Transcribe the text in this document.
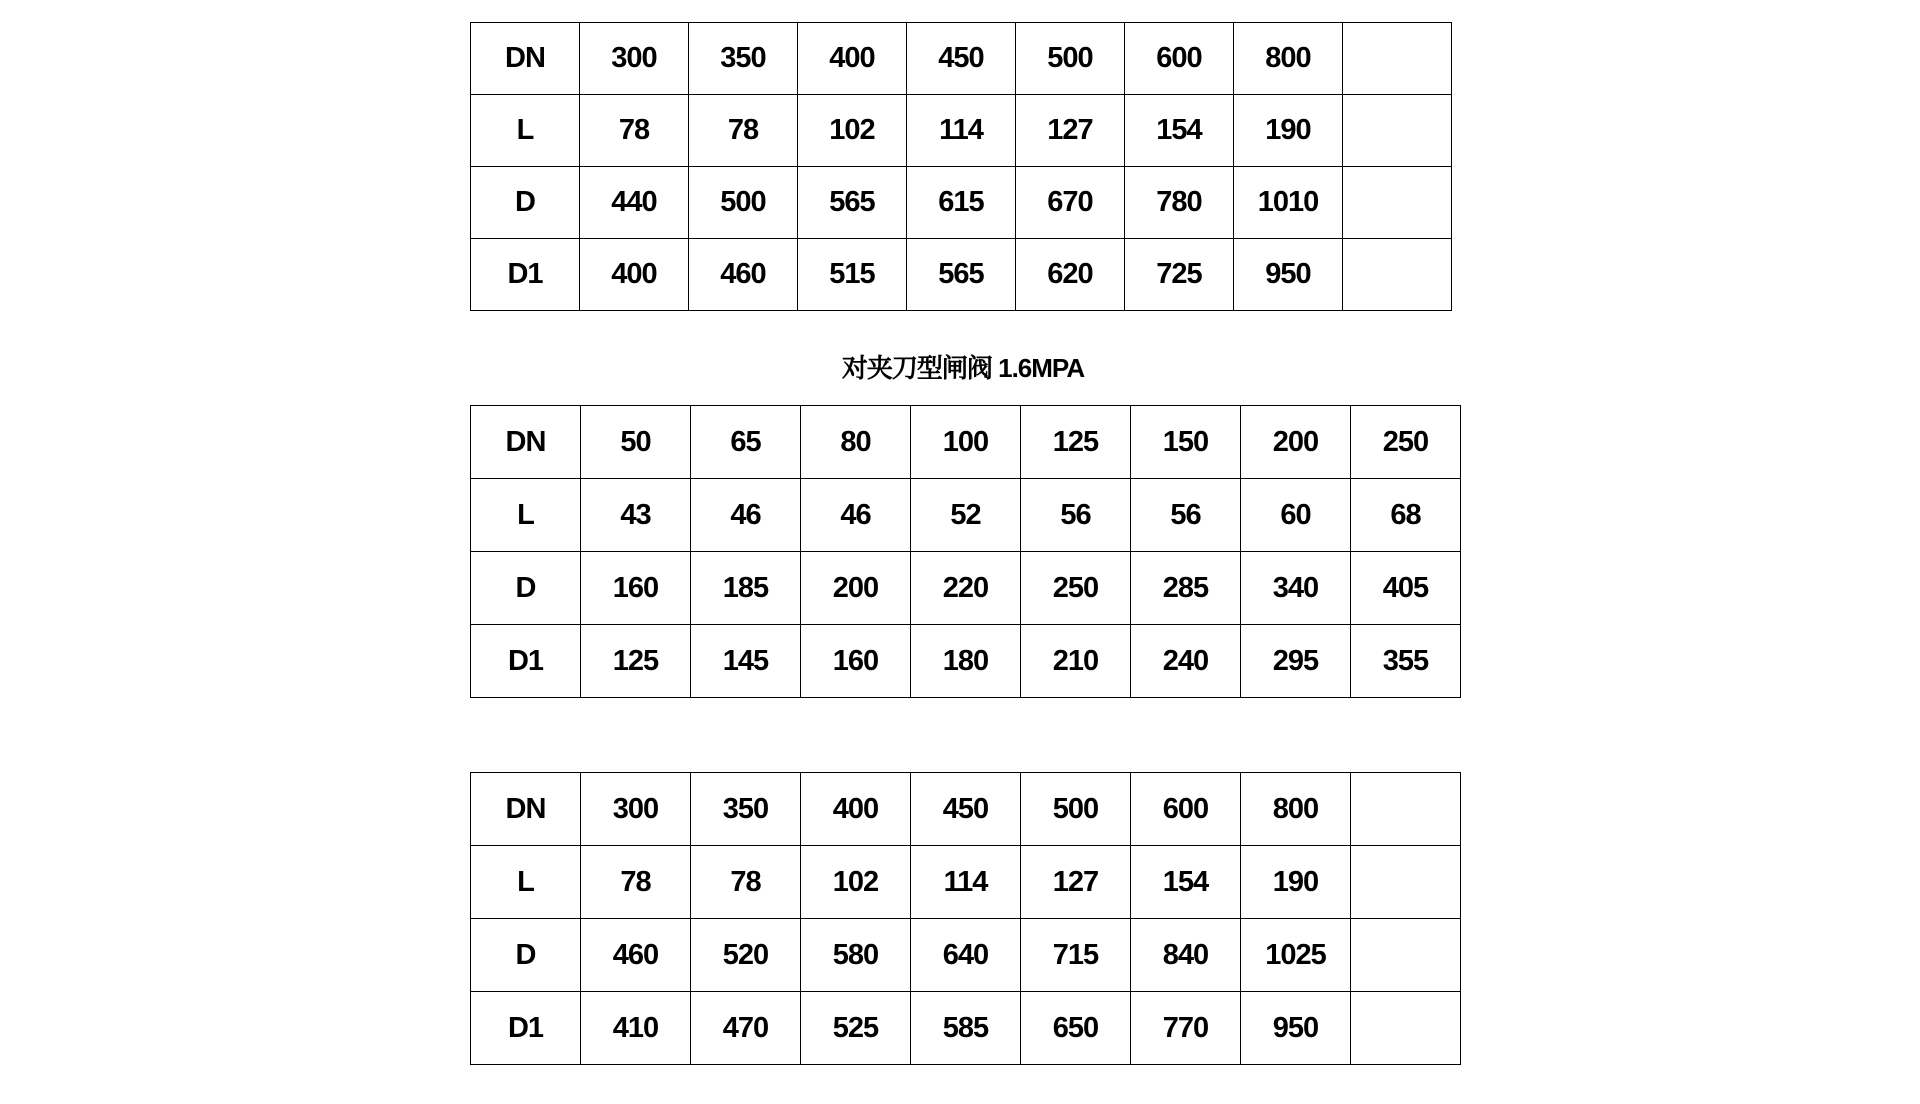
DN	300	350	400	450	500	600	800	
L	78	78	102	114	127	154	190	
D	440	500	565	615	670	780	1010	
D1	400	460	515	565	620	725	950	
对夹刀型闸阀 1.6MPA
DN	50	65	80	100	125	150	200	250
L	43	46	46	52	56	56	60	68
D	160	185	200	220	250	285	340	405
D1	125	145	160	180	210	240	295	355
DN	300	350	400	450	500	600	800	
L	78	78	102	114	127	154	190	
D	460	520	580	640	715	840	1025	
D1	410	470	525	585	650	770	950	
